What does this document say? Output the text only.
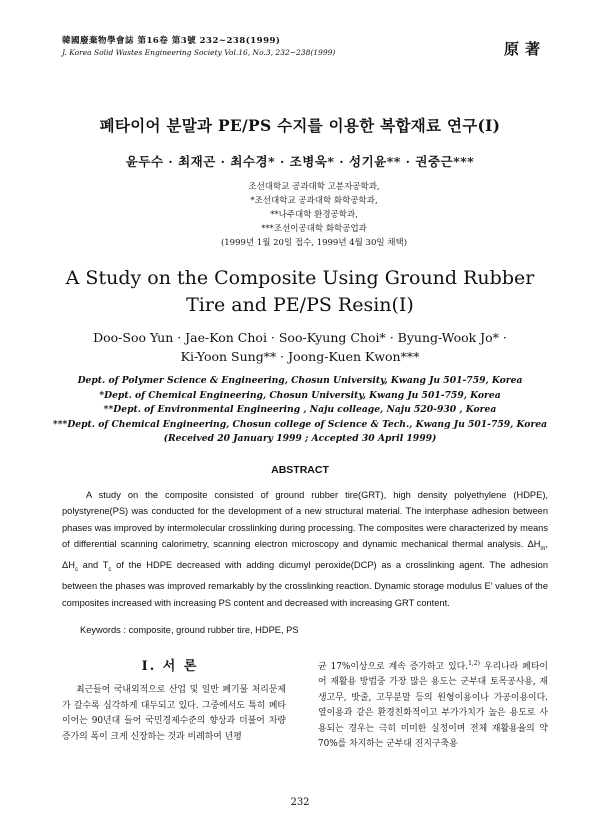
韓國廢棄物學會誌 第16卷 第3號 232~238(1999)
J. Korea Solid Wastes Engineering Society Vol.16, No.3, 232~238(1999)	原著
폐타이어 분말과 PE/PS 수지를 이용한 복합재료 연구(Ⅰ)
윤두수 · 최재곤 · 최수경* · 조병욱* · 성기윤** · 권중근***
조선대학교 공과대학 고분자공학과,
*조선대학교 공과대학 화학공학과,
**나주대학 환경공학과,
***조선이공대학 화학공업과
(1999년 1월 20일 접수, 1999년 4월 30일 채택)
A Study on the Composite Using Ground Rubber
Tire and PE/PS Resin(Ⅰ)
Doo-Soo Yun · Jae-Kon Choi · Soo-Kyung Choi* · Byung-Wook Jo* ·
Ki-Yoon Sung** · Joong-Kuen Kwon***
Dept. of Polymer Science & Engineering, Chosun University, Kwang Ju 501-759, Korea
*Dept. of Chemical Engineering, Chosun University, Kwang Ju 501-759, Korea
**Dept. of Environmental Engineering , Naju colleage, Naju 520-930 , Korea
***Dept. of Chemical Engineering, Chosun college of Science & Tech., Kwang Ju 501-759, Korea
(Received 20 January 1999 ; Accepted 30 April 1999)
ABSTRACT
A study on the composite consisted of ground rubber tire(GRT), high density polyethylene (HDPE), polystyrene(PS) was conducted for the development of a new structural material. The interphase adhesion between phases was improved by intermolecular crosslinking during processing. The composites were characterized by means of differential scanning calorimetry, scanning electron microscopy and dynamic mechanical thermal analysis. $\Delta H_m$, $\Delta H_c$ and $T_c$ of the HDPE decreased with adding dicumyl peroxide(DCP) as a crosslinking agent. The adhesion between the phases was improved remarkably by the crosslinking reaction. Dynamic storage modulus E′ values of the composites increased with increasing PS content and decreased with increasing GRT content.
Keywords : composite, ground rubber tire, HDPE, PS
Ⅰ. 서 론
최근들어 국내외적으로 산업 및 일반 폐기물 처리문제가 갈수록 심각하게 대두되고 있다. 그중에서도 특히 폐타이어는 90년대 들어 국민경제수준의 향상과 더불어 차량증가의 폭이 크게 신장하는 것과 비례하여 년평
균 17%이상으로 계속 증가하고 있다.$^{1,2)}$ 우리나라 폐타이어 재활용 방법중 가장 많은 용도는 군부대 토목공사용, 재생고무, 밧줄, 고무분말 등의 원형이용이나 가공이용이다. 열이용과 같은 환경친화적이고 부가가치가 높은 용도로 사용되는 경우는 극히 미미한 실정이며 전체 재활용율의 약 70%를 차지하는 군부대 진지구축용
232
